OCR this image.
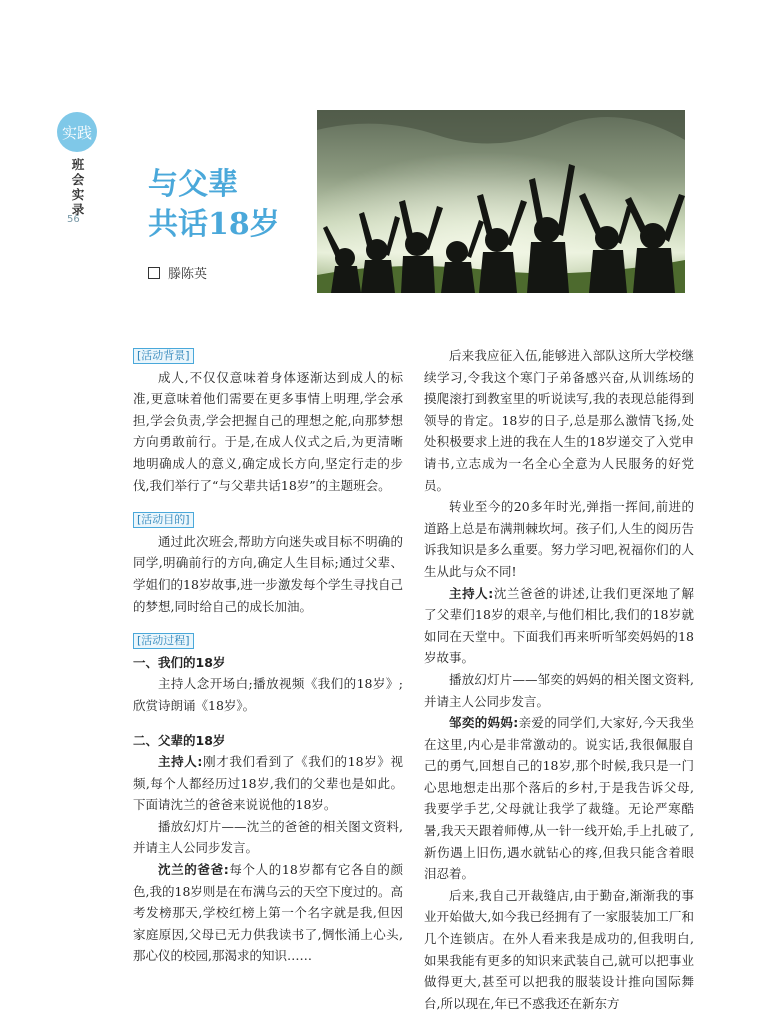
实践
班会实录
56
与父辈
共话18岁
滕陈英
[活动背景]

成人,不仅仅意味着身体逐渐达到成人的标准,更意味着他们需要在更多事情上明理,学会承担,学会负责,学会把握自己的理想之舵,向那梦想方向勇敢前行。于是,在成人仪式之后,为更清晰地明确成人的意义,确定成长方向,坚定行走的步伐,我们举行了“与父辈共话18岁”的主题班会。

[活动目的]

通过此次班会,帮助方向迷失或目标不明确的同学,明确前行的方向,确定人生目标;通过父辈、学姐们的18岁故事,进一步激发每个学生寻找自己的梦想,同时给自己的成长加油。

[活动过程]

一、我们的18岁

主持人念开场白;播放视频《我们的18岁》;欣赏诗朗诵《18岁》。

二、父辈的18岁

主持人:刚才我们看到了《我们的18岁》视频,每个人都经历过18岁,我们的父辈也是如此。下面请沈兰的爸爸来说说他的18岁。

播放幻灯片——沈兰的爸爸的相关图文资料,并请主人公同步发言。

沈兰的爸爸:每个人的18岁都有它各自的颜色,我的18岁则是在布满乌云的天空下度过的。高考发榜那天,学校红榜上第一个名字就是我,但因家庭原因,父母已无力供我读书了,惆怅涌上心头,那心仪的校园,那渴求的知识……

后来我应征入伍,能够进入部队这所大学校继续学习,令我这个寒门子弟备感兴奋,从训练场的摸爬滚打到教室里的听说读写,我的表现总能得到领导的肯定。18岁的日子,总是那么激情飞扬,处处积极要求上进的我在人生的18岁递交了入党申请书,立志成为一名全心全意为人民服务的好党员。

转业至今的20多年时光,弹指一挥间,前进的道路上总是布满荆棘坎坷。孩子们,人生的阅历告诉我知识是多么重要。努力学习吧,祝福你们的人生从此与众不同!

主持人:沈兰爸爸的讲述,让我们更深地了解了父辈们18岁的艰辛,与他们相比,我们的18岁就如同在天堂中。下面我们再来听听邹奕妈妈的18岁故事。

播放幻灯片——邹奕的妈妈的相关图文资料,并请主人公同步发言。

邹奕的妈妈:亲爱的同学们,大家好,今天我坐在这里,内心是非常激动的。说实话,我很佩服自己的勇气,回想自己的18岁,那个时候,我只是一门心思地想走出那个落后的乡村,于是我告诉父母,我要学手艺,父母就让我学了裁缝。无论严寒酷暑,我天天跟着师傅,从一针一线开始,手上扎破了,新伤遇上旧伤,遇水就钻心的疼,但我只能含着眼泪忍着。

后来,我自己开裁缝店,由于勤奋,渐渐我的事业开始做大,如今我已经拥有了一家服装加工厂和几个连锁店。在外人看来我是成功的,但我明白,如果我能有更多的知识来武装自己,就可以把事业做得更大,甚至可以把我的服装设计推向国际舞台,所以现在,年已不惑我还在新东方
